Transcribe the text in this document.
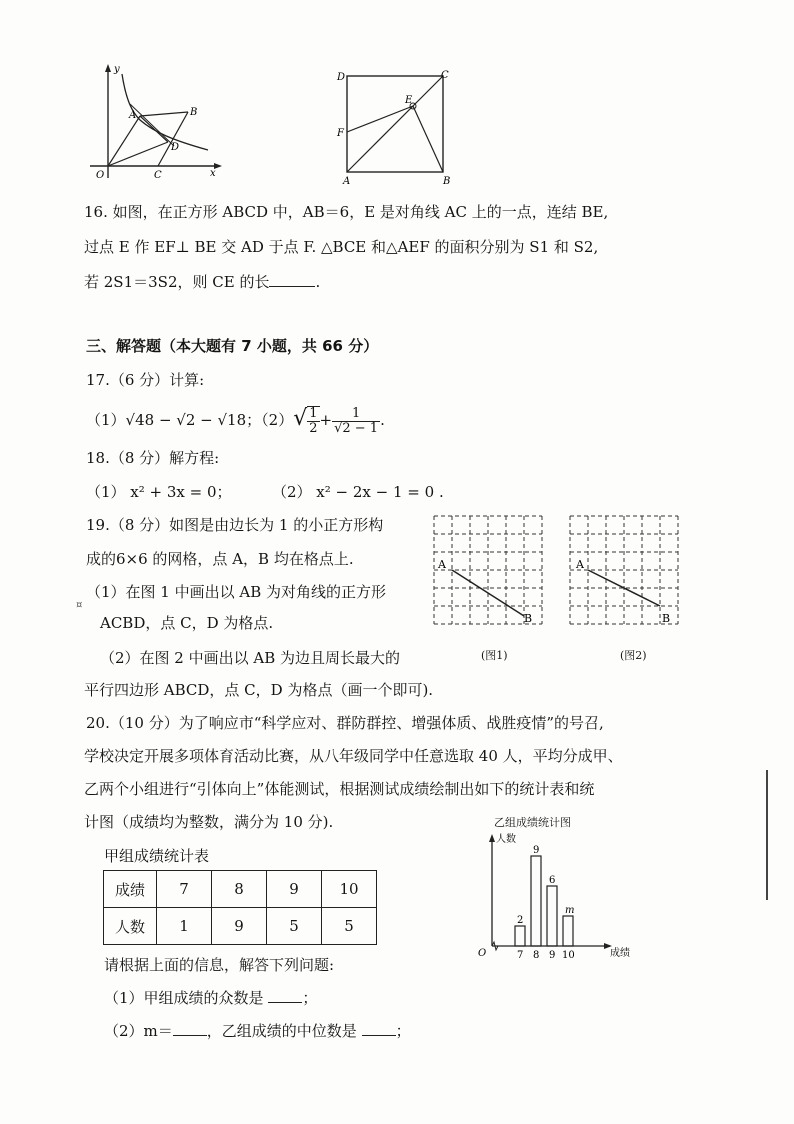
y
x
O
A	B
C
D
D	C
E
F
A	B
16. 如图，在正方形 ABCD 中，AB＝6，E 是对角线 AC 上的一点，连结 BE,
过点 E 作 EF⊥ BE 交 AD 于点 F. △BCE 和△AEF 的面积分别为 S1 和 S2,
若 2S1＝3S2，则 CE 的长	.
三、解答题（本大题有 7 小题，共 66 分）
17.（6 分）计算:
（1）√48 − √2 − √18；$(2)√ \frac{1}{2} + \frac{1}{√2 - 1}$ .
18.（8 分）解方程:
（1） x² + 3x = 0；	（2） x² − 2x − 1 = 0 .
19.（8 分）如图是由边长为 1 的小正方形构
成的6×6 的网格，点 A，B 均在格点上.
¤
（1）在图 1 中画出以 AB 为对角线的正方形
ACBD，点 C，D 为格点.
（2）在图 2 中画出以 AB 为边且周长最大的
平行四边形 ABCD，点 C，D 为格点（画一个即可).
A
B
(图1)
A
B
(图2)
20.（10 分）为了响应市“科学应对、群防群控、增强体质、战胜疫情”的号召,
学校决定开展多项体育活动比赛，从八年级同学中任意选取 40 人，平均分成甲、
乙两个小组进行“引体向上”体能测试，根据测试成绩绘制出如下的统计表和统
计图（成绩均为整数，满分为 10 分).
甲组成绩统计表
成绩	7	8	9	10
人数	1	9	5	5
乙组成绩统计图
人数
成绩
O
2
7
9
8
6
9
m
10
请根据上面的信息，解答下列问题:
（1）甲组成绩的众数是	；
（2）m＝ ，乙组成绩的中位数是	；
